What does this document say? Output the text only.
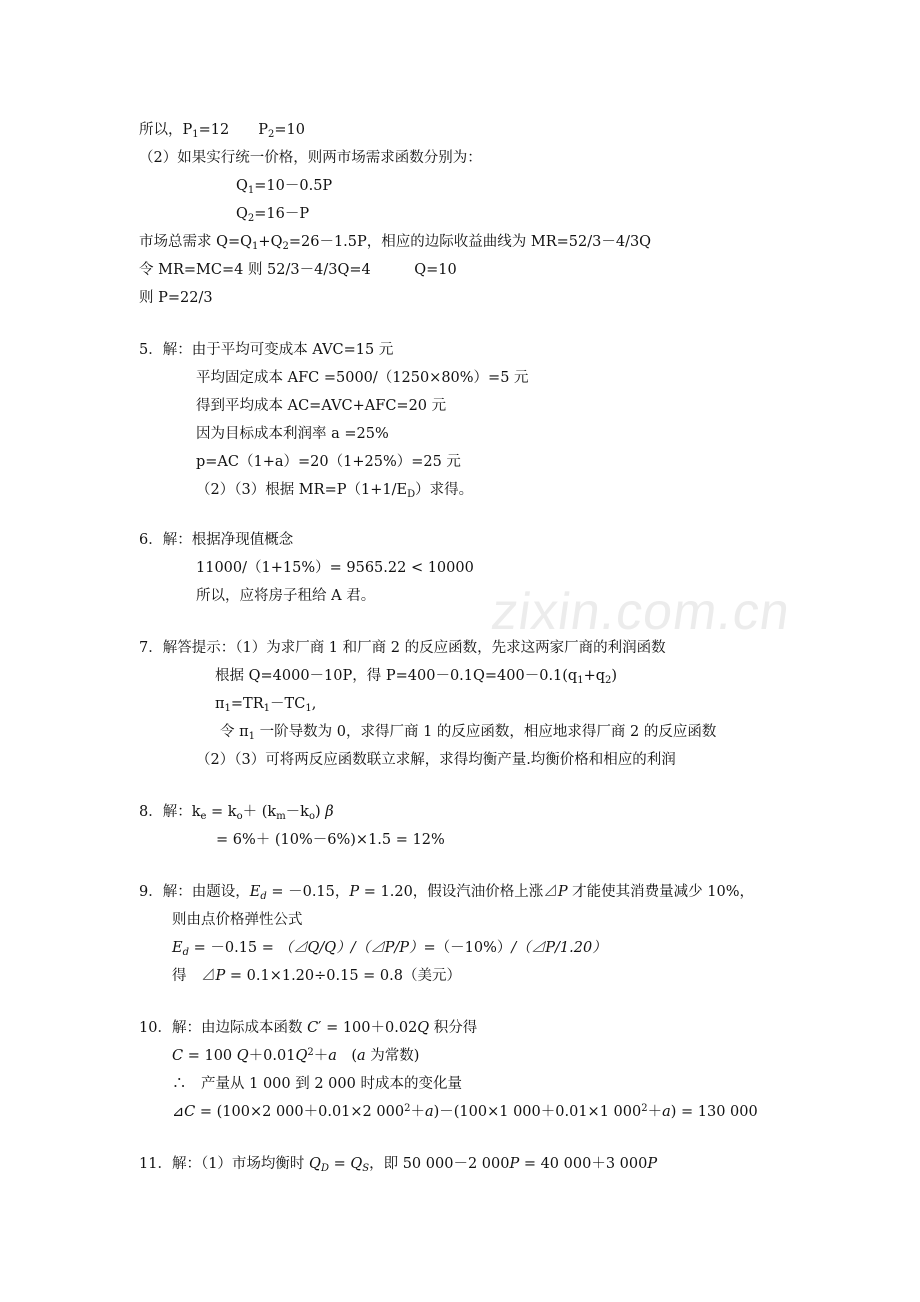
zixin.com.cn
所以，$P_1=12$　　$P_2=10$
（2）如果实行统一价格，则两市场需求函数分别为：
$Q_1=10-0.5P$
$Q_2=16-P$
市场总需求 $Q=Q_1+Q_2=26-1.5P$，相应的边际收益曲线为 MR=52/3－4/3Q
令 MR=MC=4 则 52/3－4/3Q=4　　　Q=10
则 P=22/3
5．解：由于平均可变成本 AVC=15 元
平均固定成本 AFC =5000/（1250×80%）=5 元
得到平均成本 AC=AVC+AFC=20 元
因为目标成本利润率 a =25%
p=AC（1+a）=20（1+25%）=25 元
（2）（3）根据 $MR=P(1+1/E_D)$求得。
6．解：根据净现值概念
11000/（1+15%）= 9565.22 < 10000
所以，应将房子租给 A 君。
7．解答提示：（1）为求厂商 1 和厂商 2 的反应函数，先求这两家厂商的利润函数
根据 Q=4000－10P，得 $P=400-0.1Q=400-0.1(q_1+q_2)$
$\pi_1=TR_1-TC_1$,
令 $\pi_1$ 一阶导数为 0，求得厂商 1 的反应函数，相应地求得厂商 2 的反应函数
（2）（3）可将两反应函数联立求解，求得均衡产量.均衡价格和相应的利润
8．解：$k_e = k_o+ (k_m-k_o)$ β
= 6%＋ (10%－6%)×1.5 = 12%
9．解：由题设，$E_d = -0.15$，P = 1.20，假设汽油价格上涨⊿P 才能使其消费量减少 10%，
则由点价格弹性公式
$E_d = -0.15$ = （⊿Q/Q）/（⊿P/P）=（－10%）/（⊿P/1.20）
得　⊿P = 0.1×1.20÷0.15 = 0.8（美元）
10．解：由边际成本函数 C′ = 100＋0.02Q 积分得
C = 100 $Q+0.01Q^2+a$　(a 为常数)
∴　产量从 1 000 到 2 000 时成本的变化量
⊿C = (100×2 000＋0.01×2 $000^2+a)-(100\times 1$ 000＋0.01×1 $000^2+a) = 130$ 000
11．解：（1）市场均衡时 $Q_D = Q_S$，即 50 000－2 000P = 40 000＋3 000P
